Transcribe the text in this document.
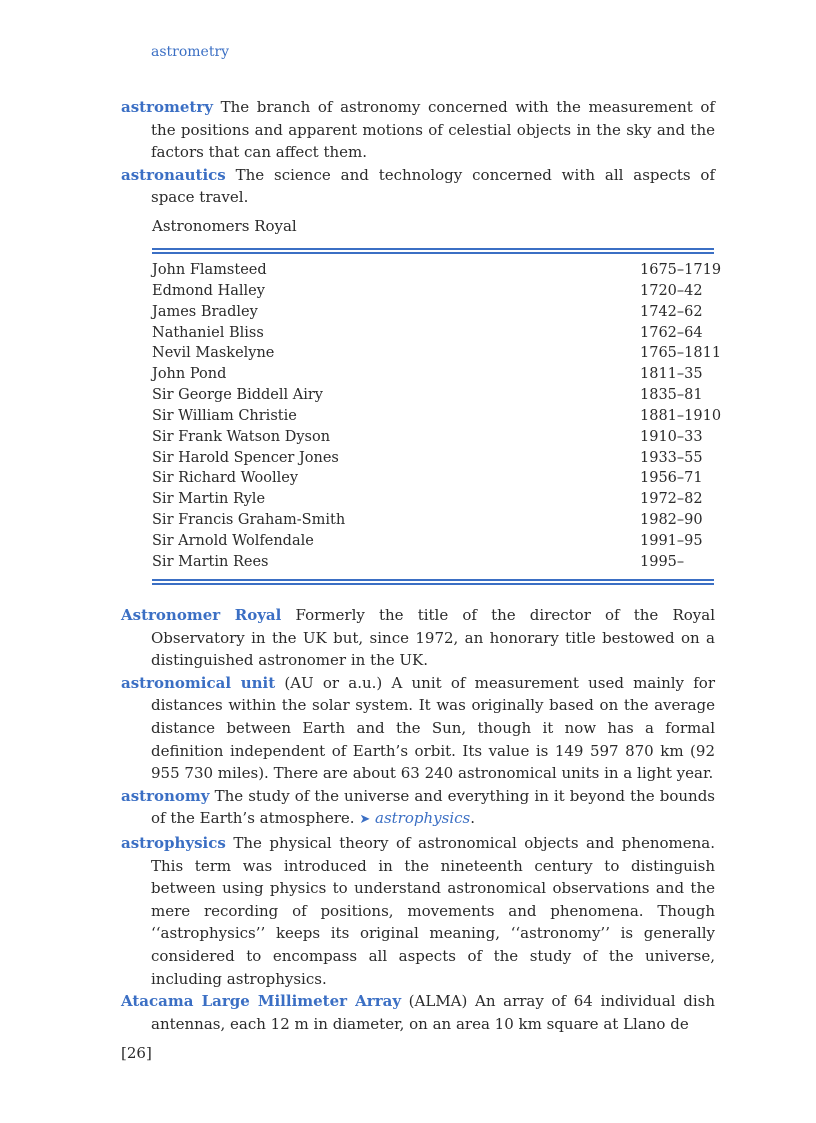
astrometry

astrometry The branch of astronomy concerned with the measurement of the positions and apparent motions of celestial objects in the sky and the factors that can affect them.

astronautics The science and technology concerned with all aspects of space travel.

Astronomers Royal
John Flamsteed	1675–1719
Edmond Halley	1720–42
James Bradley	1742–62
Nathaniel Bliss	1762–64
Nevil Maskelyne	1765–1811
John Pond	1811–35
Sir George Biddell Airy	1835–81
Sir William Christie	1881–1910
Sir Frank Watson Dyson	1910–33
Sir Harold Spencer Jones	1933–55
Sir Richard Woolley	1956–71
Sir Martin Ryle	1972–82
Sir Francis Graham-Smith	1982–90
Sir Arnold Wolfendale	1991–95
Sir Martin Rees	1995–

Astronomer Royal Formerly the title of the director of the Royal Observatory in the UK but, since 1972, an honorary title bestowed on a distinguished astronomer in the UK.

astronomical unit (AU or a.u.) A unit of measurement used mainly for distances within the solar system. It was originally based on the average distance between Earth and the Sun, though it now has a formal definition independent of Earth’s orbit. Its value is 149 597 870 km (92 955 730 miles). There are about 63 240 astronomical units in a light year.

astronomy The study of the universe and everything in it beyond the bounds of the Earth’s atmosphere. ➤ astrophysics.

astrophysics The physical theory of astronomical objects and phenomena. This term was introduced in the nineteenth century to distinguish between using physics to understand astronomical observations and the mere recording of positions, movements and phenomena. Though ‘‘astrophysics’’ keeps its original meaning, ‘‘astronomy’’ is generally considered to encompass all aspects of the study of the universe, including astrophysics.

Atacama Large Millimeter Array (ALMA) An array of 64 individual dish antennas, each 12 m in diameter, on an area 10 km square at Llano de

[26]
